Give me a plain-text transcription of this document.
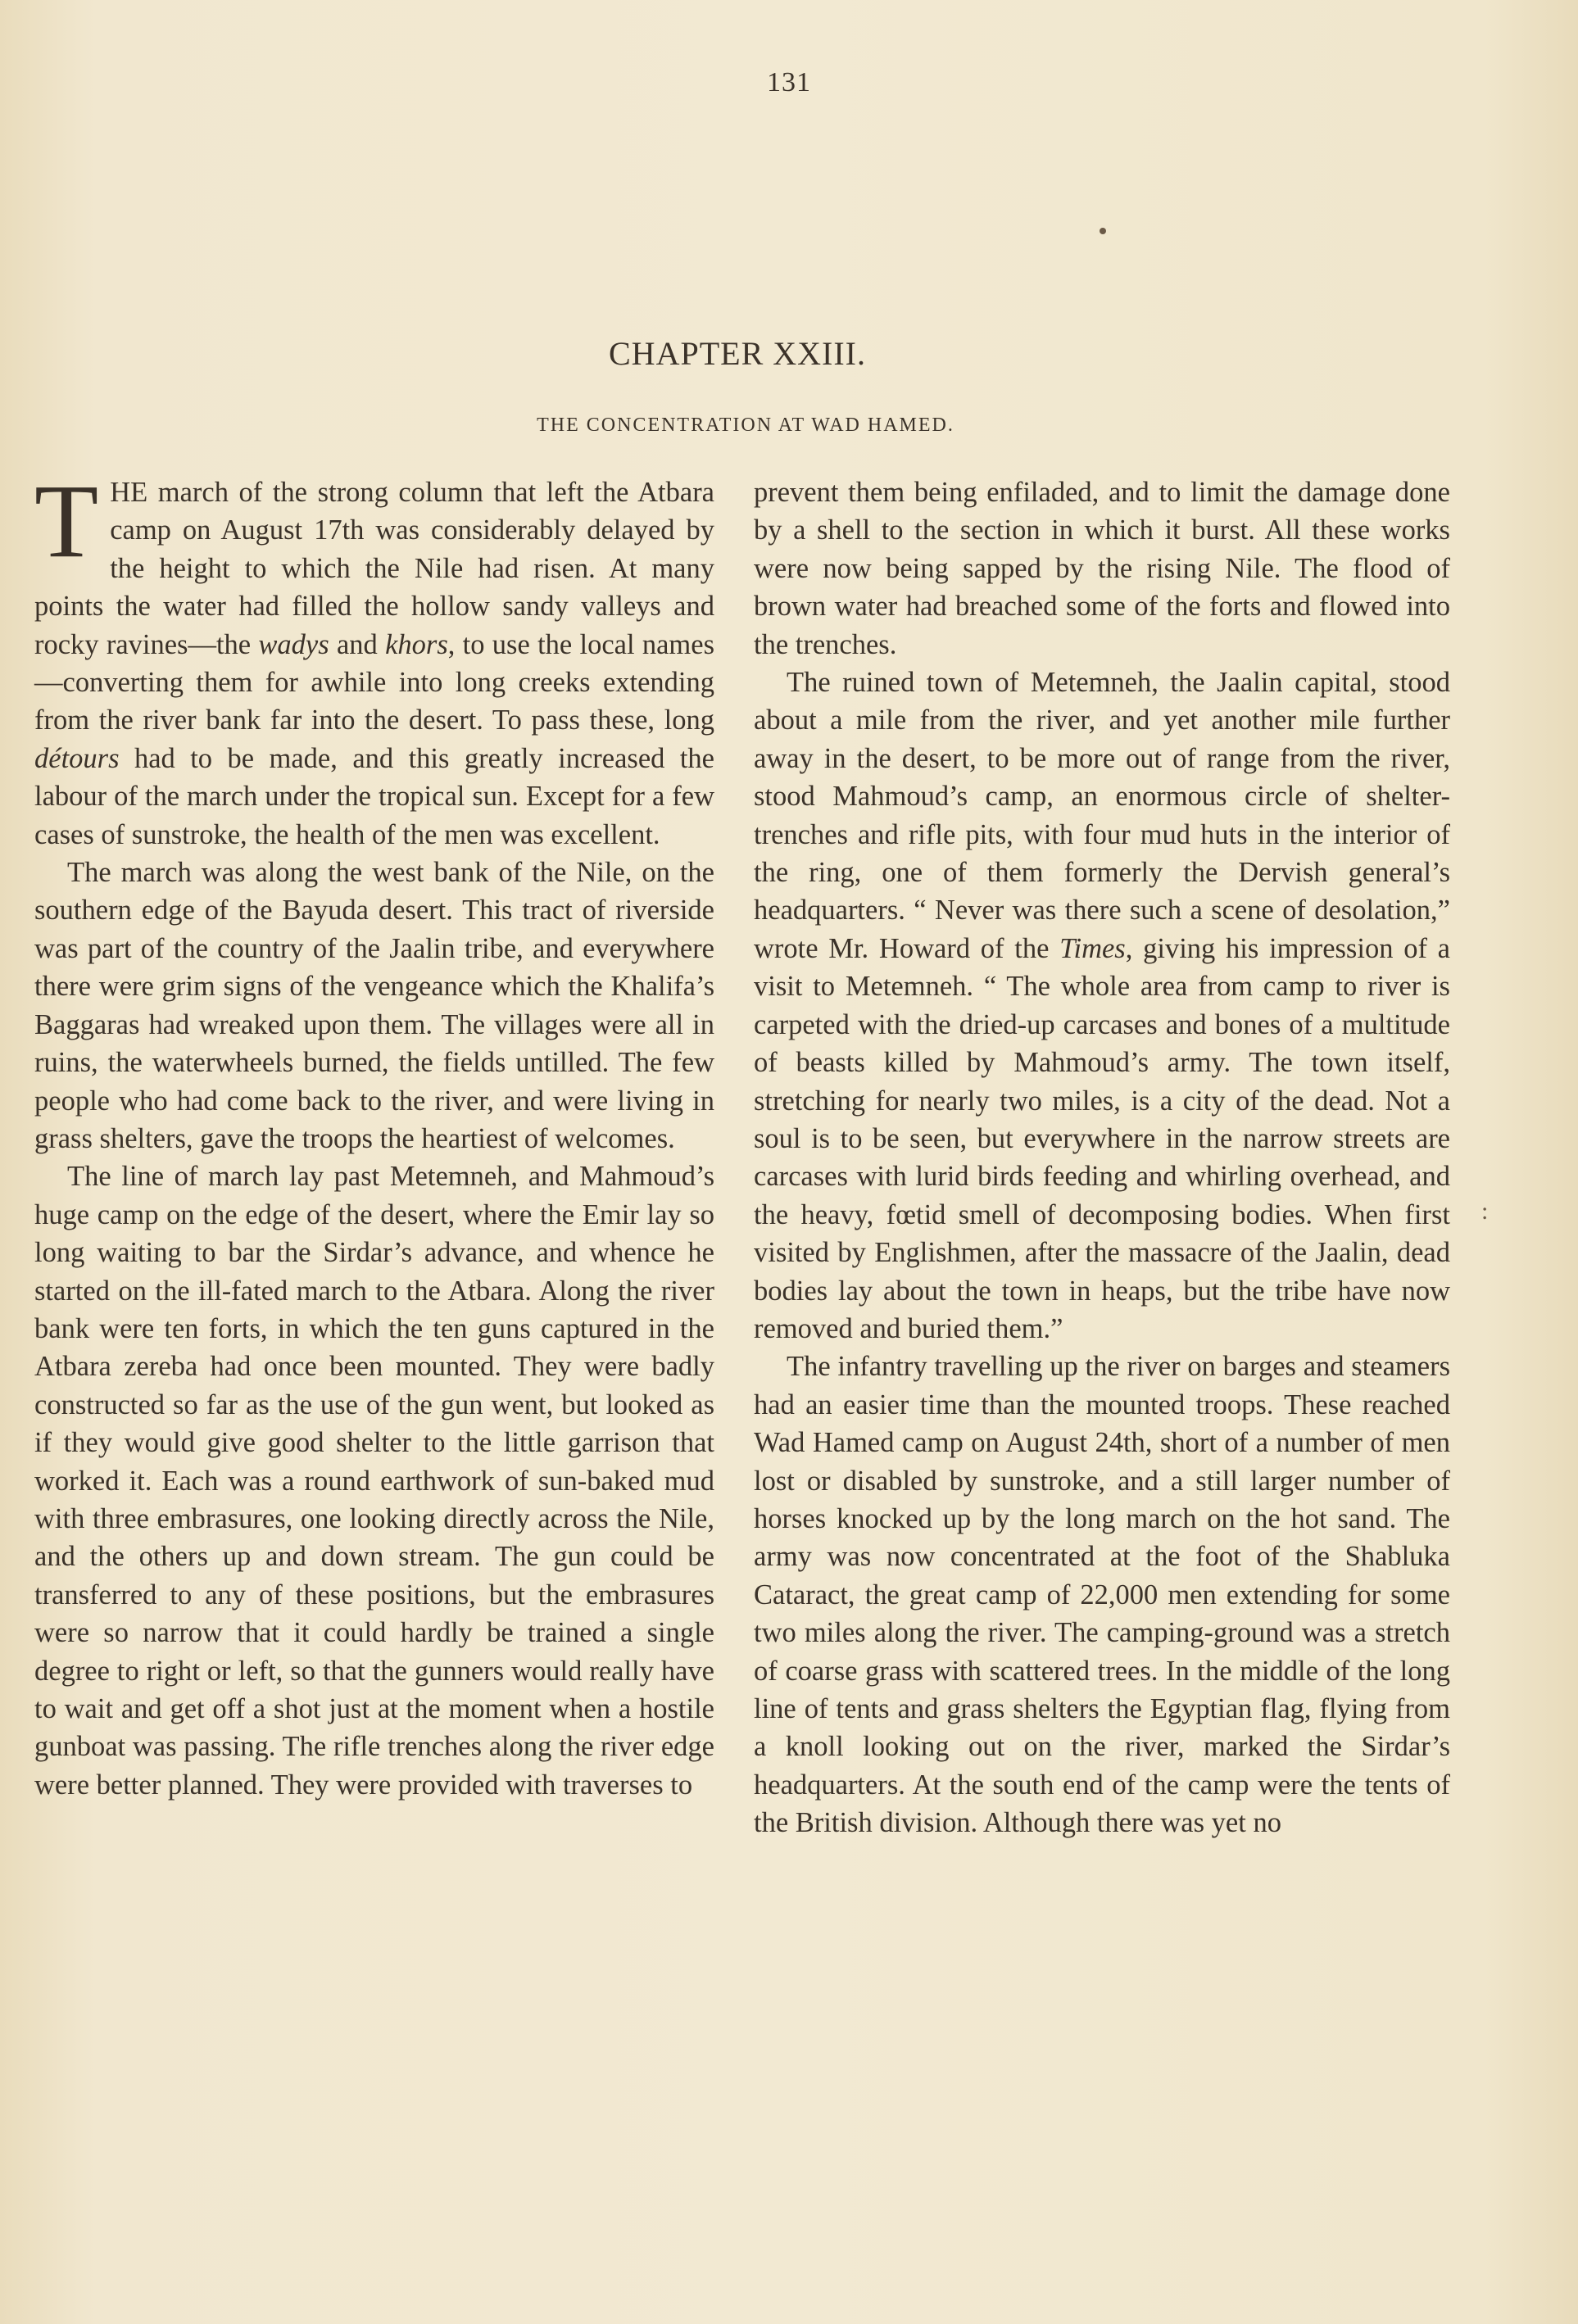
131
:
CHAPTER XXIII.
THE CONCENTRATION AT WAD HAMED.

THE march of the strong column that left the Atbara camp on August 17th was considerably delayed by the height to which the Nile had risen. At many points the water had filled the hollow sandy valleys and rocky ravines—the wadys and khors, to use the local names—converting them for awhile into long creeks extending from the river bank far into the desert. To pass these, long détours had to be made, and this greatly increased the labour of the march under the tropical sun. Except for a few cases of sunstroke, the health of the men was excellent.

The march was along the west bank of the Nile, on the southern edge of the Bayuda desert. This tract of riverside was part of the country of the Jaalin tribe, and everywhere there were grim signs of the vengeance which the Khalifa’s Baggaras had wreaked upon them. The villages were all in ruins, the waterwheels burned, the fields untilled. The few people who had come back to the river, and were living in grass shelters, gave the troops the heartiest of welcomes.

The line of march lay past Metemneh, and Mahmoud’s huge camp on the edge of the desert, where the Emir lay so long waiting to bar the Sirdar’s advance, and whence he started on the ill-fated march to the Atbara. Along the river bank were ten forts, in which the ten guns captured in the Atbara zereba had once been mounted. They were badly constructed so far as the use of the gun went, but looked as if they would give good shelter to the little garrison that worked it. Each was a round earthwork of sun-baked mud with three embrasures, one looking directly across the Nile, and the others up and down stream. The gun could be transferred to any of these positions, but the embrasures were so narrow that it could hardly be trained a single degree to right or left, so that the gunners would really have to wait and get off a shot just at the moment when a hostile gunboat was passing. The rifle trenches along the river edge were better planned. They were provided with traverses to

prevent them being enfiladed, and to limit the damage done by a shell to the section in which it burst. All these works were now being sapped by the rising Nile. The flood of brown water had breached some of the forts and flowed into the trenches.

The ruined town of Metemneh, the Jaalin capital, stood about a mile from the river, and yet another mile further away in the desert, to be more out of range from the river, stood Mahmoud’s camp, an enormous circle of shelter-trenches and rifle pits, with four mud huts in the interior of the ring, one of them formerly the Dervish general’s headquarters. “ Never was there such a scene of desolation,” wrote Mr. Howard of the Times, giving his impression of a visit to Metemneh. “ The whole area from camp to river is carpeted with the dried-up carcases and bones of a multitude of beasts killed by Mahmoud’s army. The town itself, stretching for nearly two miles, is a city of the dead. Not a soul is to be seen, but everywhere in the narrow streets are carcases with lurid birds feeding and whirling overhead, and the heavy, fœtid smell of decomposing bodies. When first visited by Englishmen, after the massacre of the Jaalin, dead bodies lay about the town in heaps, but the tribe have now removed and buried them.”

The infantry travelling up the river on barges and steamers had an easier time than the mounted troops. These reached Wad Hamed camp on August 24th, short of a number of men lost or disabled by sunstroke, and a still larger number of horses knocked up by the long march on the hot sand. The army was now concentrated at the foot of the Shabluka Cataract, the great camp of 22,000 men extending for some two miles along the river. The camping-ground was a stretch of coarse grass with scattered trees. In the middle of the long line of tents and grass shelters the Egyptian flag, flying from a knoll looking out on the river, marked the Sirdar’s headquarters. At the south end of the camp were the tents of the British division. Although there was yet no
